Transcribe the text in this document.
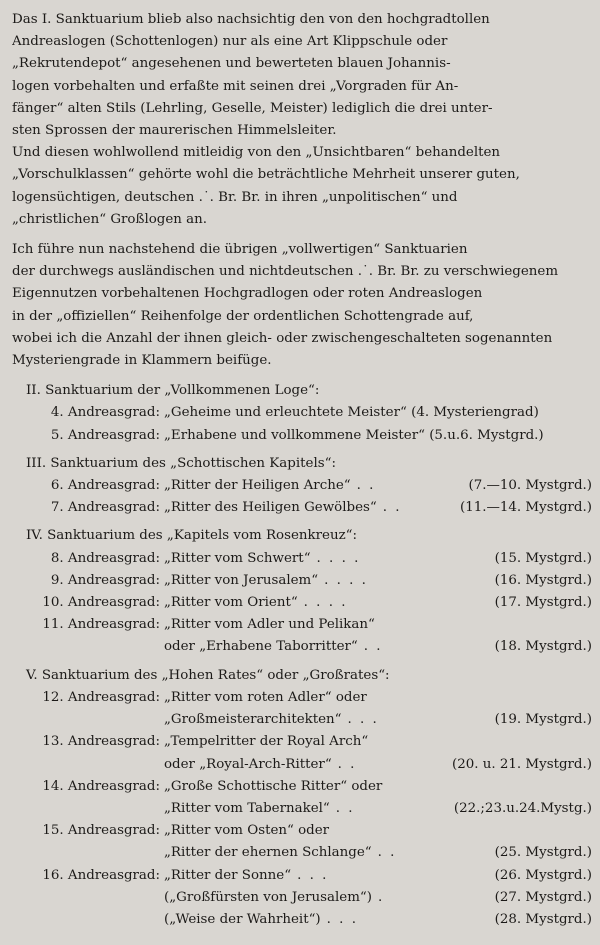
Das I. Sanktuarium blieb also nachsichtig den von den hochgradtollen
Andreaslogen (Schottenlogen) nur als eine Art Klippschule oder
„Rekrutendepot“ angesehenen und bewerteten blauen Johannis-
logen vorbehalten und erfaßte mit seinen drei „Vorgraden für An-
fänger“ alten Stils (Lehrling, Geselle, Meister) lediglich die drei unter-
sten Sprossen der maurerischen Himmelsleiter.
Und diesen wohlwollend mitleidig von den „Unsichtbaren“ behandelten
„Vorschulklassen“ gehörte wohl die beträchtliche Mehrheit unserer guten,
logensüchtigen, deutschen .˙. Br. Br. in ihren „unpolitischen“ und
„christlichen“ Großlogen an.
Ich führe nun nachstehend die übrigen „vollwertigen“ Sanktuarien
der durchwegs ausländischen und nichtdeutschen .˙. Br. Br. zu verschwiegenem
Eigennutzen vorbehaltenen Hochgradlogen oder roten Andreaslogen
in der „offiziellen“ Reihenfolge der ordentlichen Schottengrade auf,
wobei ich die Anzahl der ihnen gleich- oder zwischengeschalteten sogenannten
Mysteriengrade in Klammern beifüge.
II. Sanktuarium der „Vollkommenen Loge“:
4. Andreasgrad: „Geheime und erleuchtete Meister“ (4. Mysteriengrad)
5. Andreasgrad: „Erhabene und vollkommene Meister“ (5.u.6. Mystgrd.)
III. Sanktuarium des „Schottischen Kapitels“:
6. Andreasgrad: „Ritter der Heiligen Arche“ . .	(7.—10. Mystgrd.)
7. Andreasgrad: „Ritter des Heiligen Gewölbes“ . .	(11.—14. Mystgrd.)
IV. Sanktuarium des „Kapitels vom Rosenkreuz“:
8. Andreasgrad: „Ritter vom Schwert“ . . . .	(15. Mystgrd.)
9. Andreasgrad: „Ritter von Jerusalem“ . . . .	(16. Mystgrd.)
10. Andreasgrad: „Ritter vom Orient“ . . . .	(17. Mystgrd.)
11. Andreasgrad: „Ritter vom Adler und Pelikan“
oder „Erhabene Taborritter“ . .	(18. Mystgrd.)
V. Sanktuarium des „Hohen Rates“ oder „Großrates“:
12. Andreasgrad: „Ritter vom roten Adler“ oder
„Großmeisterarchitekten“ . . .	(19. Mystgrd.)
13. Andreasgrad: „Tempelritter der Royal Arch“
oder „Royal-Arch-Ritter“ . .	(20. u. 21. Mystgrd.)
14. Andreasgrad: „Große Schottische Ritter“ oder
„Ritter vom Tabernakel“ . .	(22.;23.u.24.Mystg.)
15. Andreasgrad: „Ritter vom Osten“ oder
„Ritter der ehernen Schlange“ . .	(25. Mystgrd.)
16. Andreasgrad: „Ritter der Sonne“ . . .	(26. Mystgrd.)
(„Großfürsten von Jerusalem“) .	(27. Mystgrd.)
(„Weise der Wahrheit“) . . .	(28. Mystgrd.)
